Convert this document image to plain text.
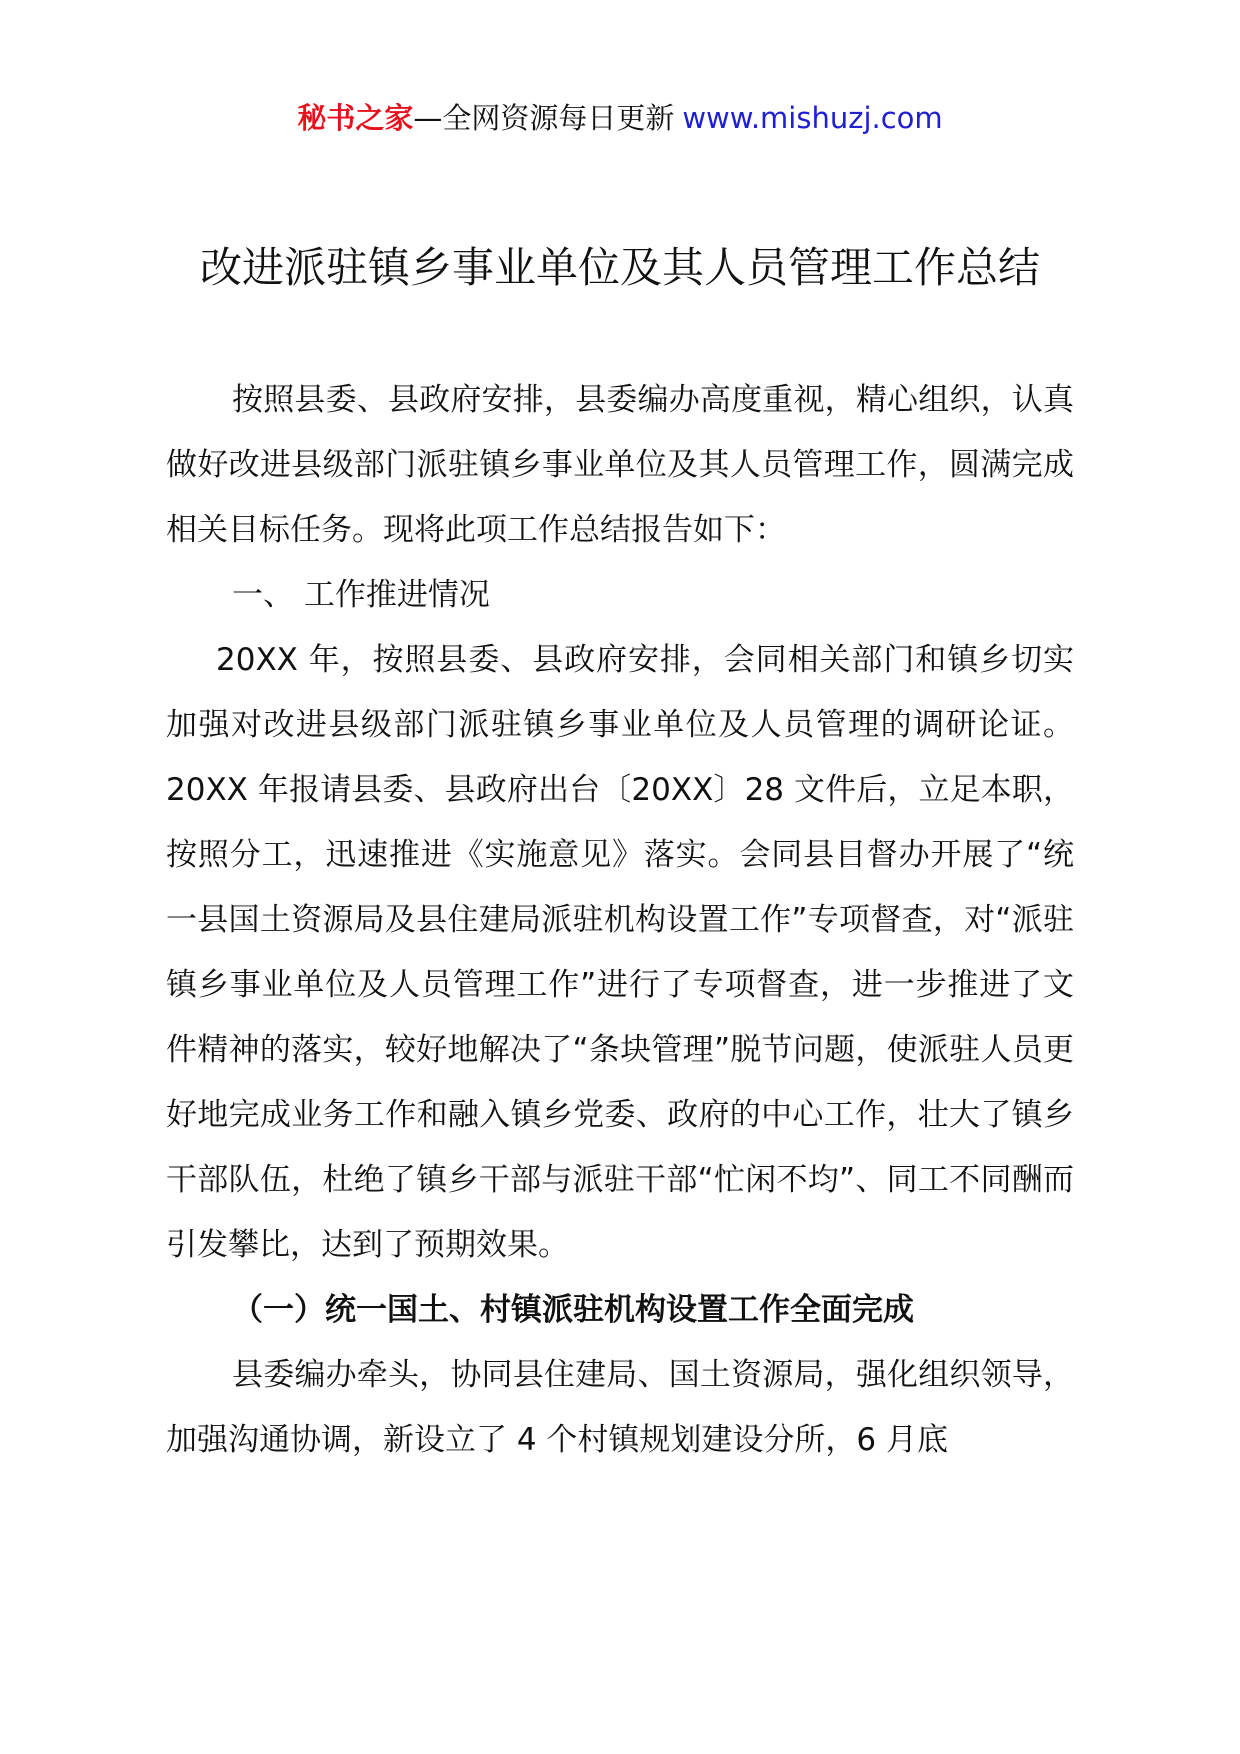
秘书之家—全网资源每日更新 www.mishuzj.com
改进派驻镇乡事业单位及其人员管理工作总结

按照县委、县政府安排，县委编办高度重视，精心组织，认真做好改进县级部门派驻镇乡事业单位及其人员管理工作，圆满完成相关目标任务。现将此项工作总结报告如下：

一、 工作推进情况

20XX 年，按照县委、县政府安排，会同相关部门和镇乡切实加强对改进县级部门派驻镇乡事业单位及人员管理的调研论证。20XX 年报请县委、县政府出台〔20XX〕28 文件后，立足本职，按照分工，迅速推进《实施意见》落实。会同县目督办开展了“统一县国土资源局及县住建局派驻机构设置工作”专项督查，对“派驻镇乡事业单位及人员管理工作”进行了专项督查，进一步推进了文件精神的落实，较好地解决了“条块管理”脱节问题，使派驻人员更好地完成业务工作和融入镇乡党委、政府的中心工作，壮大了镇乡干部队伍，杜绝了镇乡干部与派驻干部“忙闲不均”、同工不同酬而引发攀比，达到了预期效果。

（一）统一国土、村镇派驻机构设置工作全面完成

县委编办牵头，协同县住建局、国土资源局，强化组织领导，加强沟通协调，新设立了 4 个村镇规划建设分所，6 月底
